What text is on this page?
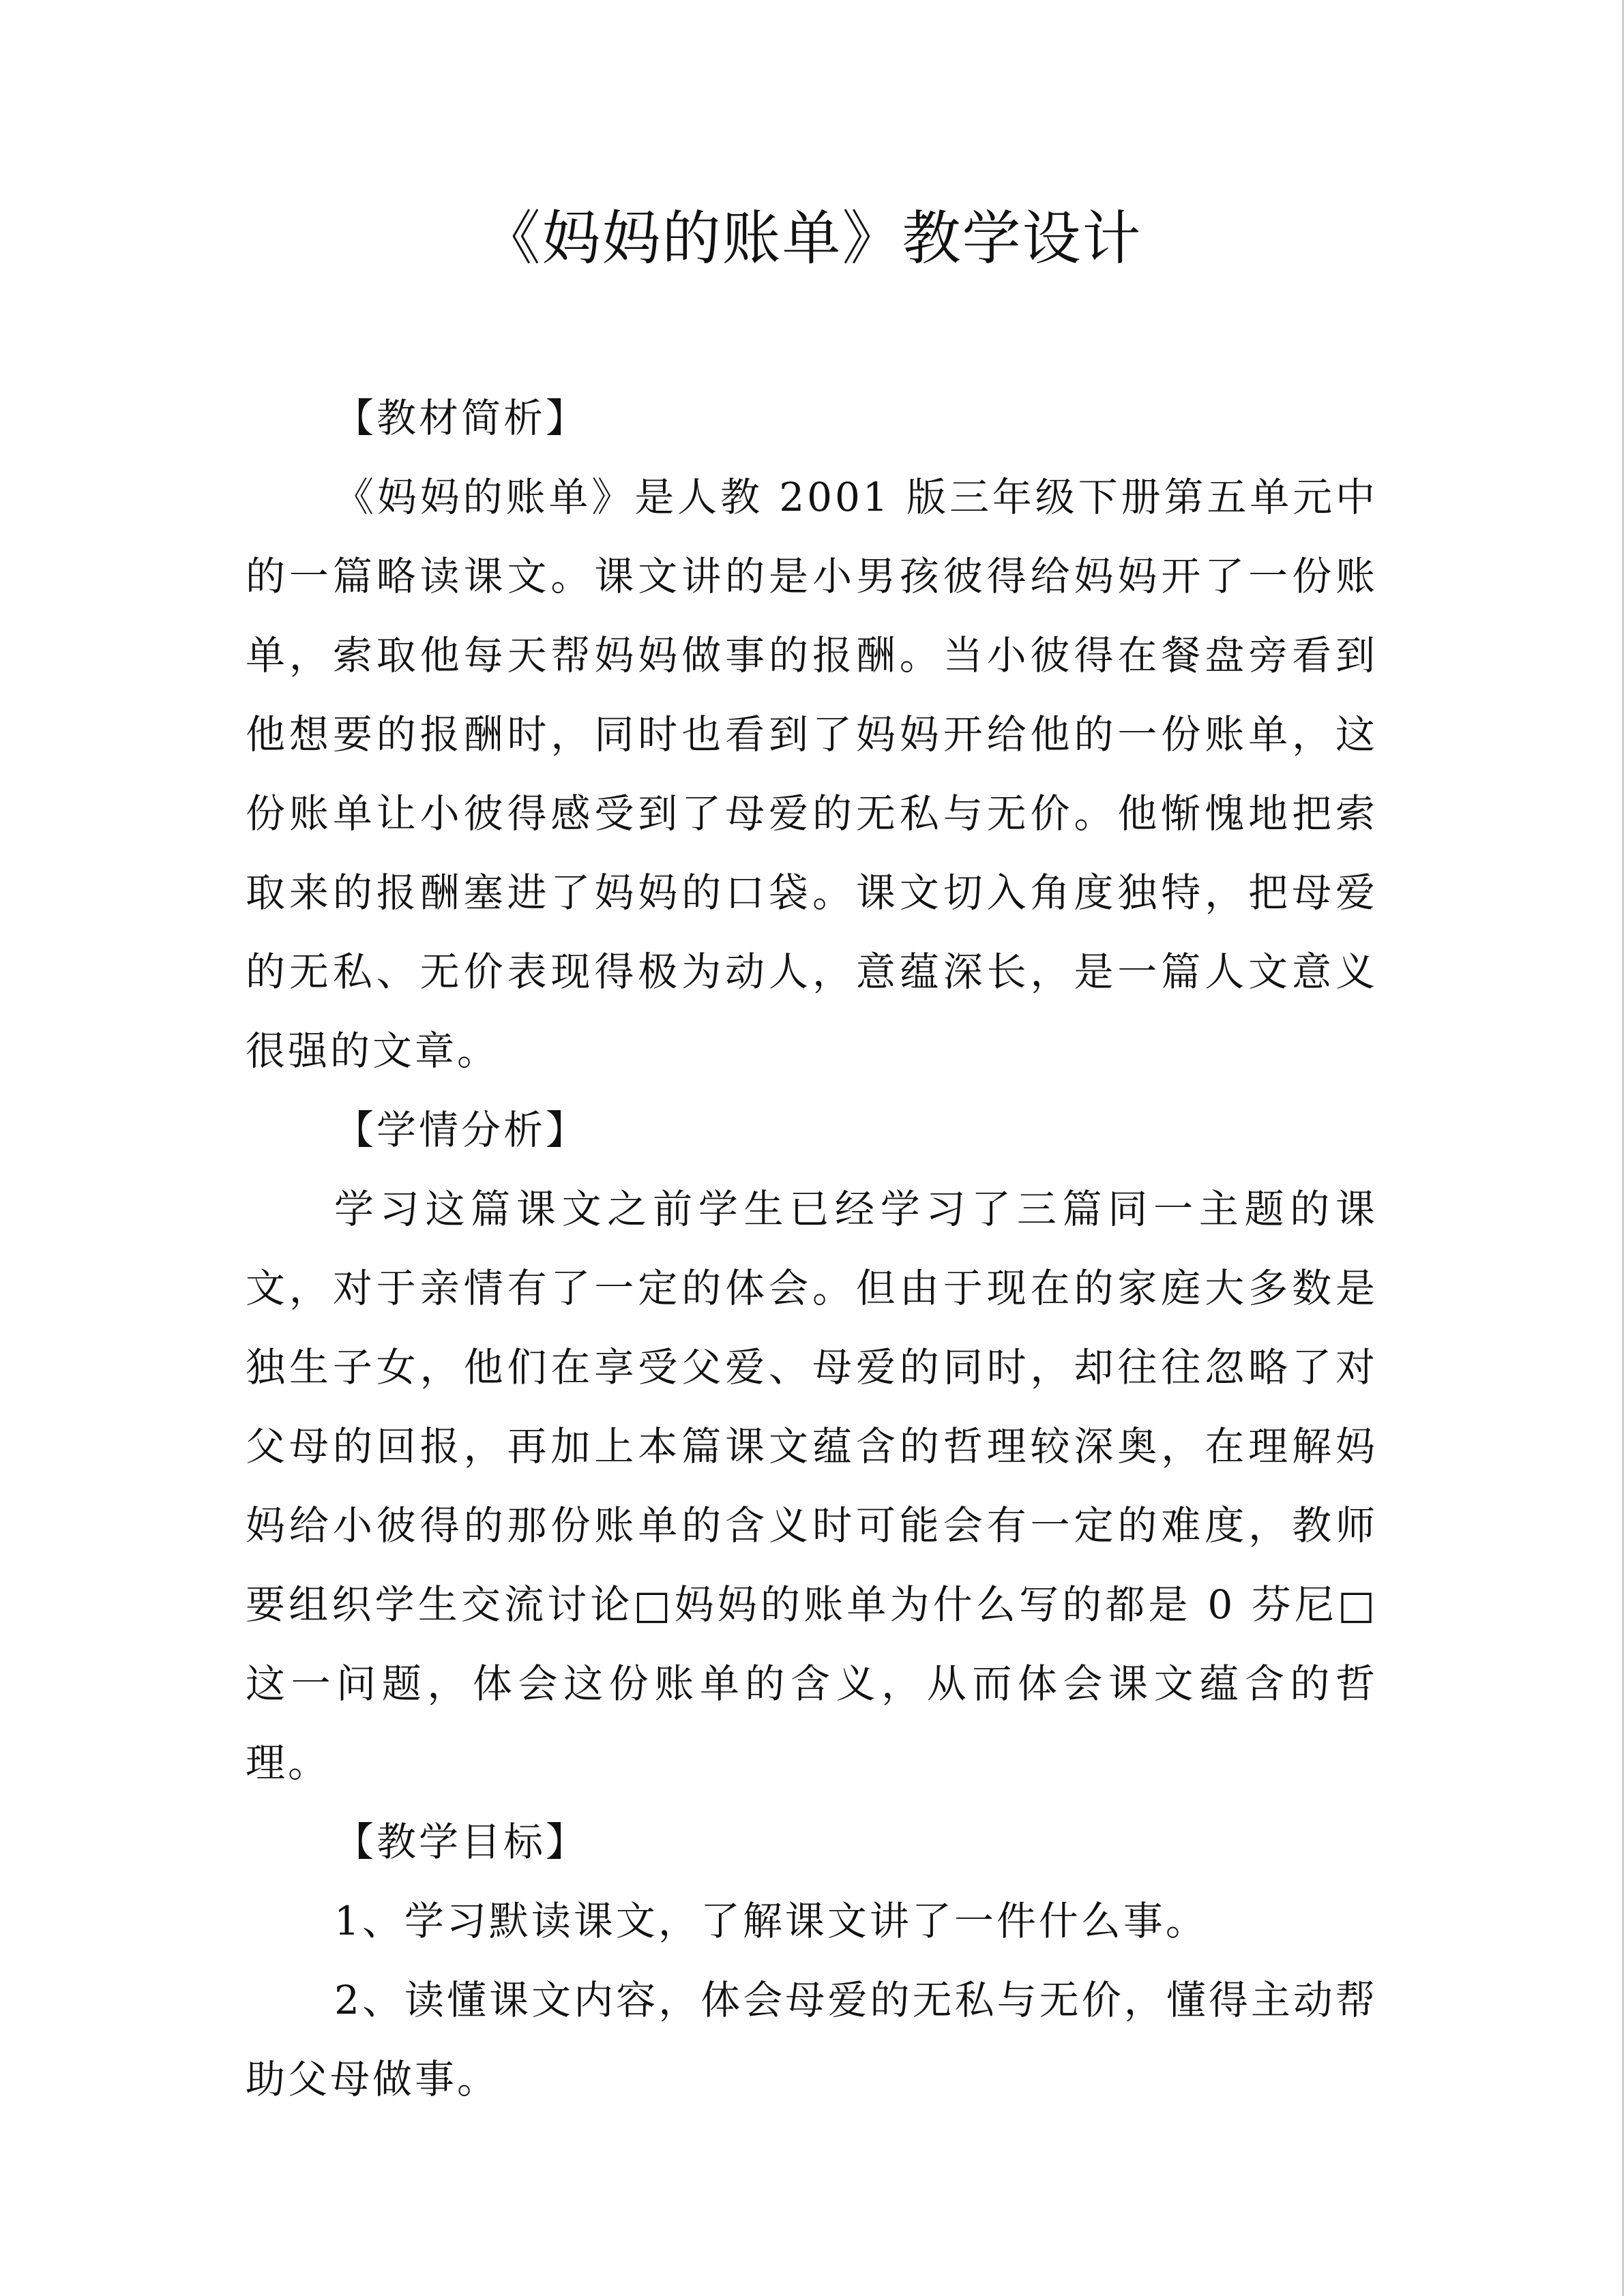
《妈妈的账单》教学设计
【教材简析】

《妈妈的账单》是人教 2001 版三年级下册第五单元中的一篇略读课文。课文讲的是小男孩彼得给妈妈开了一份账单，索取他每天帮妈妈做事的报酬。当小彼得在餐盘旁看到他想要的报酬时，同时也看到了妈妈开给他的一份账单，这份账单让小彼得感受到了母爱的无私与无价。他惭愧地把索取来的报酬塞进了妈妈的口袋。课文切入角度独特，把母爱的无私、无价表现得极为动人，意蕴深长，是一篇人文意义很强的文章。

【学情分析】

学习这篇课文之前学生已经学习了三篇同一主题的课文，对于亲情有了一定的体会。但由于现在的家庭大多数是独生子女，他们在享受父爱、母爱的同时，却往往忽略了对父母的回报，再加上本篇课文蕴含的哲理较深奥，在理解妈妈给小彼得的那份账单的含义时可能会有一定的难度，教师要组织学生交流讨论□妈妈的账单为什么写的都是 0 芬尼□这一问题，体会这份账单的含义，从而体会课文蕴含的哲理。

【教学目标】

1、学习默读课文，了解课文讲了一件什么事。

2、读懂课文内容，体会母爱的无私与无价，懂得主动帮助父母做事。
